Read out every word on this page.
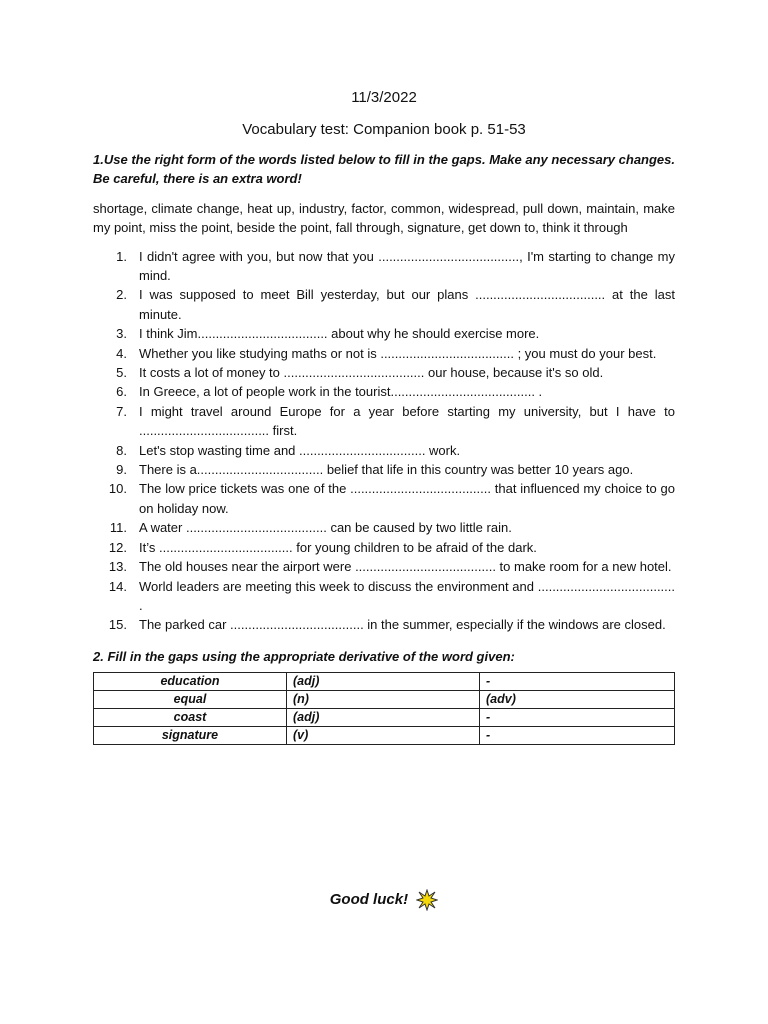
11/3/2022
Vocabulary test: Companion book p. 51-53
1.Use the right form of the words listed below to fill in the gaps. Make any necessary changes. Be careful, there is an extra word!
shortage, climate change, heat up, industry, factor, common, widespread, pull down, maintain, make my point, miss the point, beside the point, fall through, signature, get down to, think it through
1. I didn't agree with you, but now that you ......................................., I'm starting to change my mind.
2. I was supposed to meet Bill yesterday, but our plans .................................... at the last minute.
3. I think Jim.................................... about why he should exercise more.
4. Whether you like studying maths or not is ..................................... ; you must do your best.
5. It costs a lot of money to ....................................... our house, because it's so old.
6. In Greece, a lot of people work in the tourist........................................ .
7. I might travel around Europe for a year before starting my university, but I have to .................................... first.
8. Let's stop wasting time and ................................... work.
9. There is a................................... belief that life in this country was better 10 years ago.
10. The low price tickets was one of the ....................................... that influenced my choice to go on holiday now.
11. A water ....................................... can be caused by two little rain.
12. It’s ..................................... for young children to be afraid of the dark.
13. The old houses near the airport were ....................................... to make room for a new hotel.
14. World leaders are meeting this week to discuss the environment and ...................................... .
15. The parked car ..................................... in the summer, especially if the windows are closed.
2. Fill in the gaps using the appropriate derivative of the word given:
education	(adj)	-
equal	(n)	(adv)
coast	(adj)	-
signature	(v)	-
Good luck!
